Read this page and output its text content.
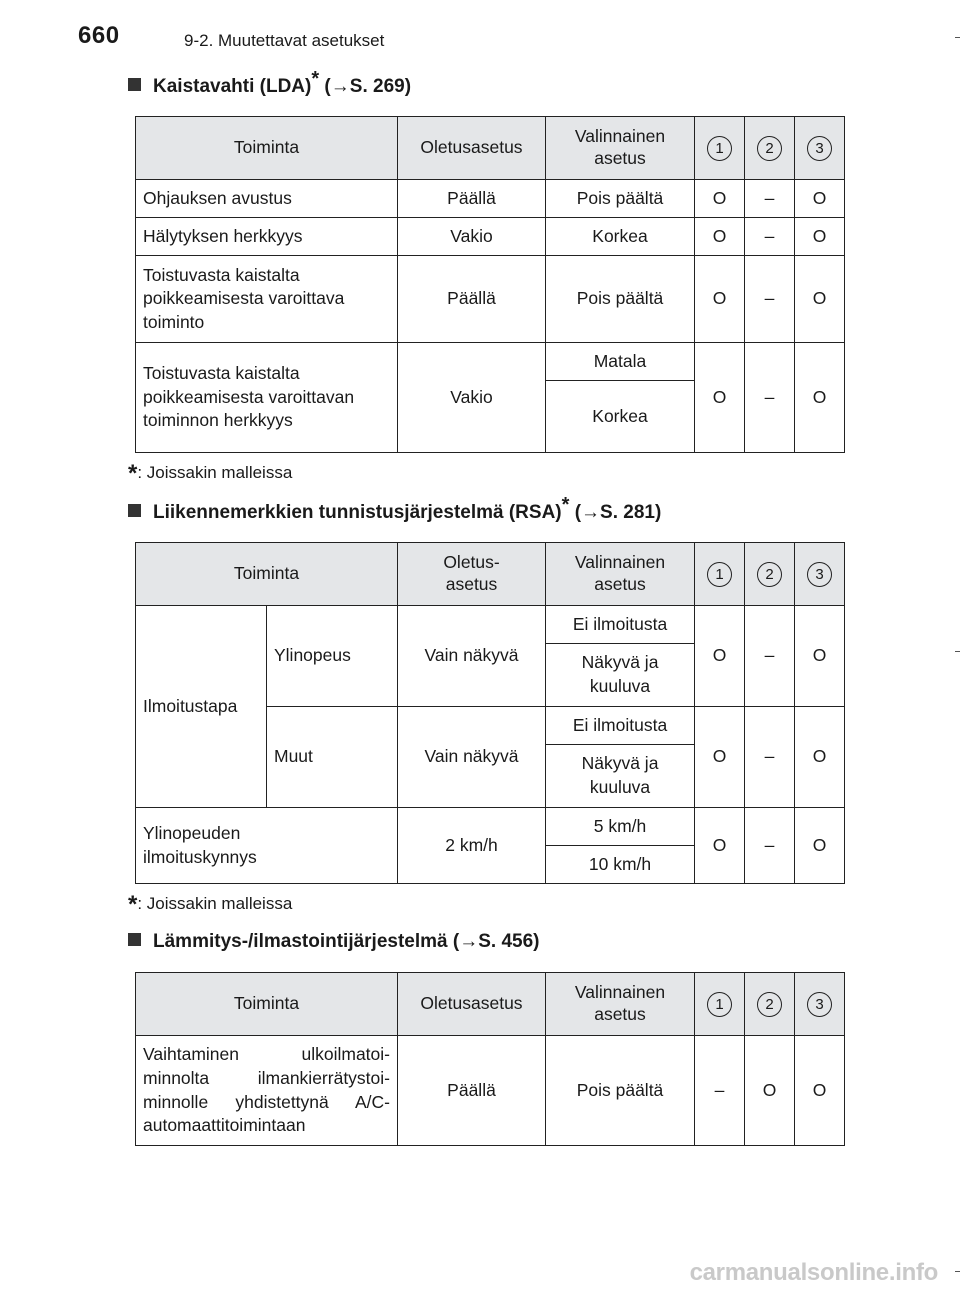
660	9-2. Muutettavat asetukset
Kaistavahti (LDA)* (→S. 269)
Toiminta	Oletusasetus	Valinnainen asetus	1	2	3
Ohjauksen avustus	Päällä	Pois päältä	O	–	O
Hälytyksen herkkyys	Vakio	Korkea	O	–	O
Toistuvasta kaistalta poikkeamisesta varoittava toiminto	Päällä	Pois päältä	O	–	O
Toistuvasta kaistalta poikkeamisesta varoittavan toiminnon herkkyys	Vakio	Matala	O	–	O
		Korkea			
*: Joissakin malleissa
Liikennemerkkien tunnistusjärjestelmä (RSA)* (→S. 281)
Toiminta		Oletus-asetus	Valinnainen asetus	1	2	3
Ilmoitustapa	Ylinopeus	Vain näkyvä	Ei ilmoitusta	O	–	O
			Näkyvä ja kuuluva			
	Muut	Vain näkyvä	Ei ilmoitusta	O	–	O
			Näkyvä ja kuuluva			
Ylinopeuden ilmoituskynnys		2 km/h	5 km/h	O	–	O
			10 km/h			
*: Joissakin malleissa
Lämmitys-/ilmastointijärjestelmä (→S. 456)
Toiminta	Oletusasetus	Valinnainen asetus	1	2	3
Vaihtaminen ulkoilmatoi-minnolta ilmankierrätystoi-minnolle yhdistettynä A/C-automaattitoimintaan	Päällä	Pois päältä	–	O	O
carmanualsonline.info
